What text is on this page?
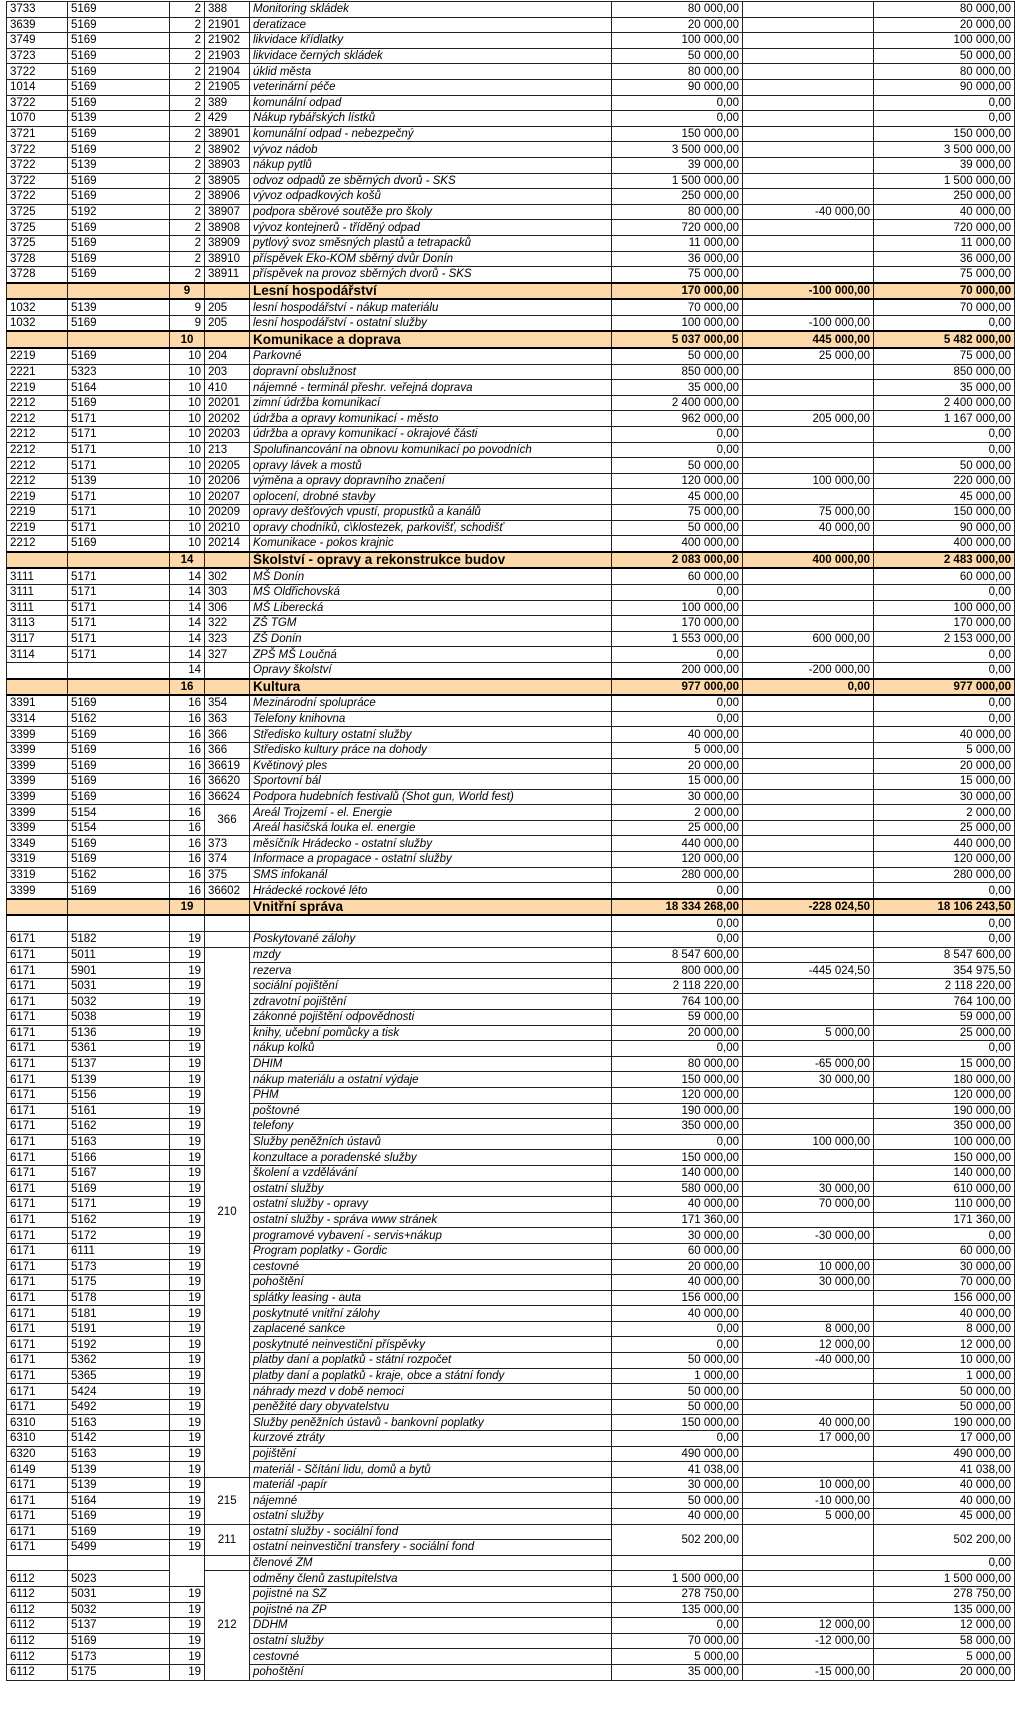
3733	5169	2	388	Monitoring skládek	80 000,00		80 000,00
3639	5169	2	21901	deratizace	20 000,00		20 000,00
3749	5169	2	21902	likvidace křídlatky	100 000,00		100 000,00
3723	5169	2	21903	likvidace černých skládek	50 000,00		50 000,00
3722	5169	2	21904	úklid města	80 000,00		80 000,00
1014	5169	2	21905	veterinární péče	90 000,00		90 000,00
3722	5169	2	389	komunální odpad	0,00		0,00
1070	5139	2	429	Nákup rybářských lístků	0,00		0,00
3721	5169	2	38901	komunální odpad - nebezpečný	150 000,00		150 000,00
3722	5169	2	38902	vývoz nádob	3 500 000,00		3 500 000,00
3722	5139	2	38903	nákup pytlů	39 000,00		39 000,00
3722	5169	2	38905	odvoz odpadů ze sběrných dvorů - SKS	1 500 000,00		1 500 000,00
3722	5169	2	38906	vývoz odpadkových košů	250 000,00		250 000,00
3725	5192	2	38907	podpora sběrové soutěže pro školy	80 000,00	-40 000,00	40 000,00
3725	5169	2	38908	vývoz kontejnerů - tříděný odpad	720 000,00		720 000,00
3725	5169	2	38909	pytlový svoz směsných plastů a tetrapacků	11 000,00		11 000,00
3728	5169	2	38910	příspěvek Eko-KOM sběrný dvůr Donín	36 000,00		36 000,00
3728	5169	2	38911	příspěvek na provoz sběrných dvorů - SKS	75 000,00		75 000,00
		9		Lesní hospodářství	170 000,00	-100 000,00	70 000,00
1032	5139	9	205	lesní hospodářství - nákup materiálu	70 000,00		70 000,00
1032	5169	9	205	lesní hospodářství - ostatní služby	100 000,00	-100 000,00	0,00
		10		Komunikace a doprava	5 037 000,00	445 000,00	5 482 000,00
2219	5169	10	204	Parkovné	50 000,00	25 000,00	75 000,00
2221	5323	10	203	dopravní obslužnost	850 000,00		850 000,00
2219	5164	10	410	nájemné - terminál přeshr. veřejná doprava	35 000,00		35 000,00
2212	5169	10	20201	zimní údržba komunikací	2 400 000,00		2 400 000,00
2212	5171	10	20202	údržba a opravy komunikací - město	962 000,00	205 000,00	1 167 000,00
2212	5171	10	20203	údržba a opravy komunikací - okrajové části	0,00		0,00
2212	5171	10	213	Spolufinancování na obnovu komunikací po povodních	0,00		0,00
2212	5171	10	20205	opravy lávek a mostů	50 000,00		50 000,00
2212	5139	10	20206	výměna a opravy dopravního značení	120 000,00	100 000,00	220 000,00
2219	5171	10	20207	oplocení, drobné stavby	45 000,00		45 000,00
2219	5171	10	20209	opravy dešťových vpustí, propustků a kanálů	75 000,00	75 000,00	150 000,00
2219	5171	10	20210	opravy chodníků, c\klostezek, parkovišť, schodišť	50 000,00	40 000,00	90 000,00
2212	5169	10	20214	Komunikace - pokos krajnic	400 000,00		400 000,00
		14		Školství - opravy a rekonstrukce budov	2 083 000,00	400 000,00	2 483 000,00
3111	5171	14	302	MŠ Donín	60 000,00		60 000,00
3111	5171	14	303	MŠ Oldřichovská	0,00		0,00
3111	5171	14	306	MŠ Liberecká	100 000,00		100 000,00
3113	5171	14	322	ZŠ TGM	170 000,00		170 000,00
3117	5171	14	323	ZŠ Donín	1 553 000,00	600 000,00	2 153 000,00
3114	5171	14	327	ZPŠ MŠ Loučná	0,00		0,00
		14		Opravy školství	200 000,00	-200 000,00	0,00
		16		Kultura	977 000,00	0,00	977 000,00
3391	5169	16	354	Mezinárodní spolupráce	0,00		0,00
3314	5162	16	363	Telefony knihovna	0,00		0,00
3399	5169	16	366	Středisko kultury ostatní služby	40 000,00		40 000,00
3399	5169	16	366	Středisko kultury práce na dohody	5 000,00		5 000,00
3399	5169	16	36619	Květinový ples	20 000,00		20 000,00
3399	5169	16	36620	Sportovní bál	15 000,00		15 000,00
3399	5169	16	36624	Podpora hudebních festivalů (Shot gun, World fest)	30 000,00		30 000,00
3399	5154	16	366	Areál Trojzemí - el. Energie	2 000,00		2 000,00
3399	5154	16		Areál hasičská louka el. energie	25 000,00		25 000,00
3349	5169	16	373	měsíčník Hrádecko - ostatní služby	440 000,00		440 000,00
3319	5169	16	374	Informace a propagace - ostatní služby	120 000,00		120 000,00
3319	5162	16	375	SMS infokanál	280 000,00		280 000,00
3399	5169	16	36602	Hrádecké rockové léto	0,00		0,00
		19		Vnitřní správa	18 334 268,00	-228 024,50	18 106 243,50
					0,00		0,00
6171	5182	19		Poskytované zálohy	0,00		0,00
6171	5011	19	210	mzdy	8 547 600,00		8 547 600,00
6171	5901	19		rezerva	800 000,00	-445 024,50	354 975,50
6171	5031	19		sociální pojištění	2 118 220,00		2 118 220,00
6171	5032	19		zdravotní pojištění	764 100,00		764 100,00
6171	5038	19		zákonné pojištění odpovědnosti	59 000,00		59 000,00
6171	5136	19		knihy, učební pomůcky a tisk	20 000,00	5 000,00	25 000,00
6171	5361	19		nákup kolků	0,00		0,00
6171	5137	19		DHIM	80 000,00	-65 000,00	15 000,00
6171	5139	19		nákup materiálu a ostatní výdaje	150 000,00	30 000,00	180 000,00
6171	5156	19		PHM	120 000,00		120 000,00
6171	5161	19		poštovné	190 000,00		190 000,00
6171	5162	19		telefony	350 000,00		350 000,00
6171	5163	19		Služby peněžních ústavů	0,00	100 000,00	100 000,00
6171	5166	19		konzultace a poradenské služby	150 000,00		150 000,00
6171	5167	19		školení a vzdělávání	140 000,00		140 000,00
6171	5169	19		ostatní služby	580 000,00	30 000,00	610 000,00
6171	5171	19		ostatní služby - opravy	40 000,00	70 000,00	110 000,00
6171	5162	19		ostatní služby - správa www stránek	171 360,00		171 360,00
6171	5172	19		programové vybavení - servis+nákup	30 000,00	-30 000,00	0,00
6171	6111	19		Program poplatky - Gordic	60 000,00		60 000,00
6171	5173	19		cestovné	20 000,00	10 000,00	30 000,00
6171	5175	19		pohoštění	40 000,00	30 000,00	70 000,00
6171	5178	19		splátky leasing - auta	156 000,00		156 000,00
6171	5181	19		poskytnuté vnitřní zálohy	40 000,00		40 000,00
6171	5191	19		zaplacené sankce	0,00	8 000,00	8 000,00
6171	5192	19		poskytnuté neinvestiční příspěvky	0,00	12 000,00	12 000,00
6171	5362	19		platby daní a poplatků - státní rozpočet	50 000,00	-40 000,00	10 000,00
6171	5365	19		platby daní a poplatků - kraje, obce a státní fondy	1 000,00		1 000,00
6171	5424	19		náhrady mezd v době nemoci	50 000,00		50 000,00
6171	5492	19		peněžité dary obyvatelstvu	50 000,00		50 000,00
6310	5163	19		Služby peněžních ústavů - bankovní poplatky	150 000,00	40 000,00	190 000,00
6310	5142	19		kurzové ztráty	0,00	17 000,00	17 000,00
6320	5163	19		pojištění	490 000,00		490 000,00
6149	5139	19		materiál - Sčítání lidu, domů a bytů	41 038,00		41 038,00
6171	5139	19	215	materiál -papír	30 000,00	10 000,00	40 000,00
6171	5164	19		nájemné	50 000,00	-10 000,00	40 000,00
6171	5169	19		ostatní služby	40 000,00	5 000,00	45 000,00
6171	5169	19	211	ostatní služby - sociální fond	502 200,00		502 200,00
6171	5499	19		ostatní neinvestiční transfery - sociální fond			
				členové ZM			0,00
6112	5023		212	odměny členů zastupitelstva	1 500 000,00		1 500 000,00
6112	5031	19		pojistné na SZ	278 750,00		278 750,00
6112	5032	19		pojistné na ZP	135 000,00		135 000,00
6112	5137	19		DDHM	0,00	12 000,00	12 000,00
6112	5169	19		ostatní služby	70 000,00	-12 000,00	58 000,00
6112	5173	19		cestovné	5 000,00		5 000,00
6112	5175	19		pohoštění	35 000,00	-15 000,00	20 000,00
